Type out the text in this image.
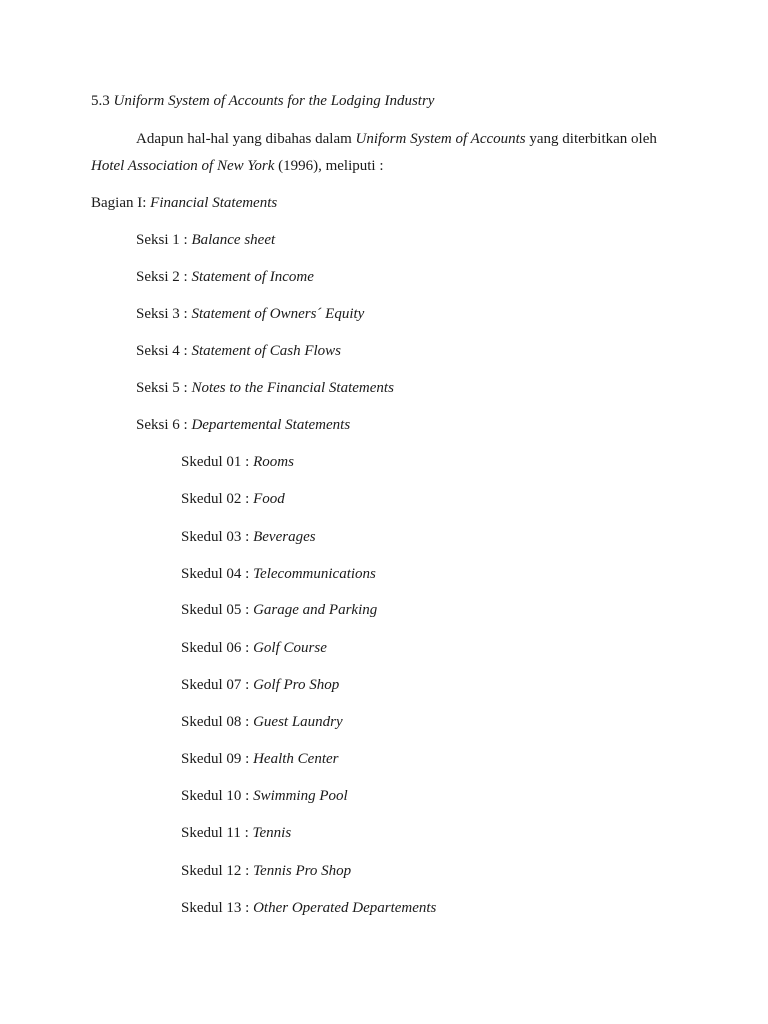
5.3 Uniform System of Accounts for the Lodging Industry
Adapun hal-hal yang dibahas dalam Uniform System of Accounts yang diterbitkan oleh
Hotel Association of New York (1996), meliputi :
Bagian I: Financial Statements
Seksi 1 : Balance sheet
Seksi 2 : Statement of Income
Seksi 3 : Statement of Owners´ Equity
Seksi 4 : Statement of Cash Flows
Seksi 5 : Notes to the Financial Statements
Seksi 6 : Departemental Statements
Skedul 01 : Rooms
Skedul 02 : Food
Skedul 03 : Beverages
Skedul 04 : Telecommunications
Skedul 05 : Garage and Parking
Skedul 06 : Golf Course
Skedul 07 : Golf Pro Shop
Skedul 08 : Guest Laundry
Skedul 09 : Health Center
Skedul 10 : Swimming Pool
Skedul 11 : Tennis
Skedul 12 : Tennis Pro Shop
Skedul 13 : Other Operated Departements
